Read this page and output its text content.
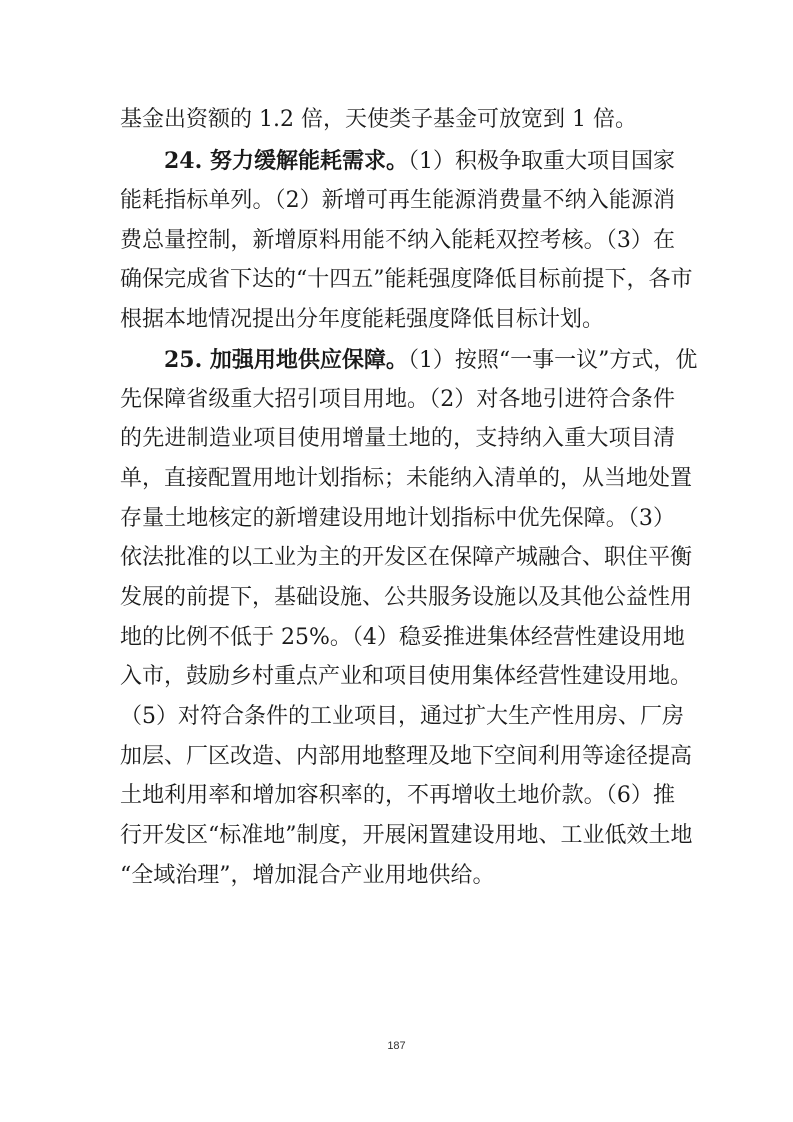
基金出资额的 1.2 倍，天使类子基金可放宽到 1 倍。
24. 努力缓解能耗需求。（1）积极争取重大项目国家
能耗指标单列。（2）新增可再生能源消费量不纳入能源消
费总量控制，新增原料用能不纳入能耗双控考核。（3）在
确保完成省下达的“十四五”能耗强度降低目标前提下，各市
根据本地情况提出分年度能耗强度降低目标计划。
25. 加强用地供应保障。（1）按照“一事一议”方式，优
先保障省级重大招引项目用地。（2）对各地引进符合条件
的先进制造业项目使用增量土地的，支持纳入重大项目清
单，直接配置用地计划指标；未能纳入清单的，从当地处置
存量土地核定的新增建设用地计划指标中优先保障。（3）
依法批准的以工业为主的开发区在保障产城融合、职住平衡
发展的前提下，基础设施、公共服务设施以及其他公益性用
地的比例不低于 25%。（4）稳妥推进集体经营性建设用地
入市，鼓励乡村重点产业和项目使用集体经营性建设用地。
（5）对符合条件的工业项目，通过扩大生产性用房、厂房
加层、厂区改造、内部用地整理及地下空间利用等途径提高
土地利用率和增加容积率的，不再增收土地价款。（6）推
行开发区“标准地”制度，开展闲置建设用地、工业低效土地
“全域治理”，增加混合产业用地供给。
187
